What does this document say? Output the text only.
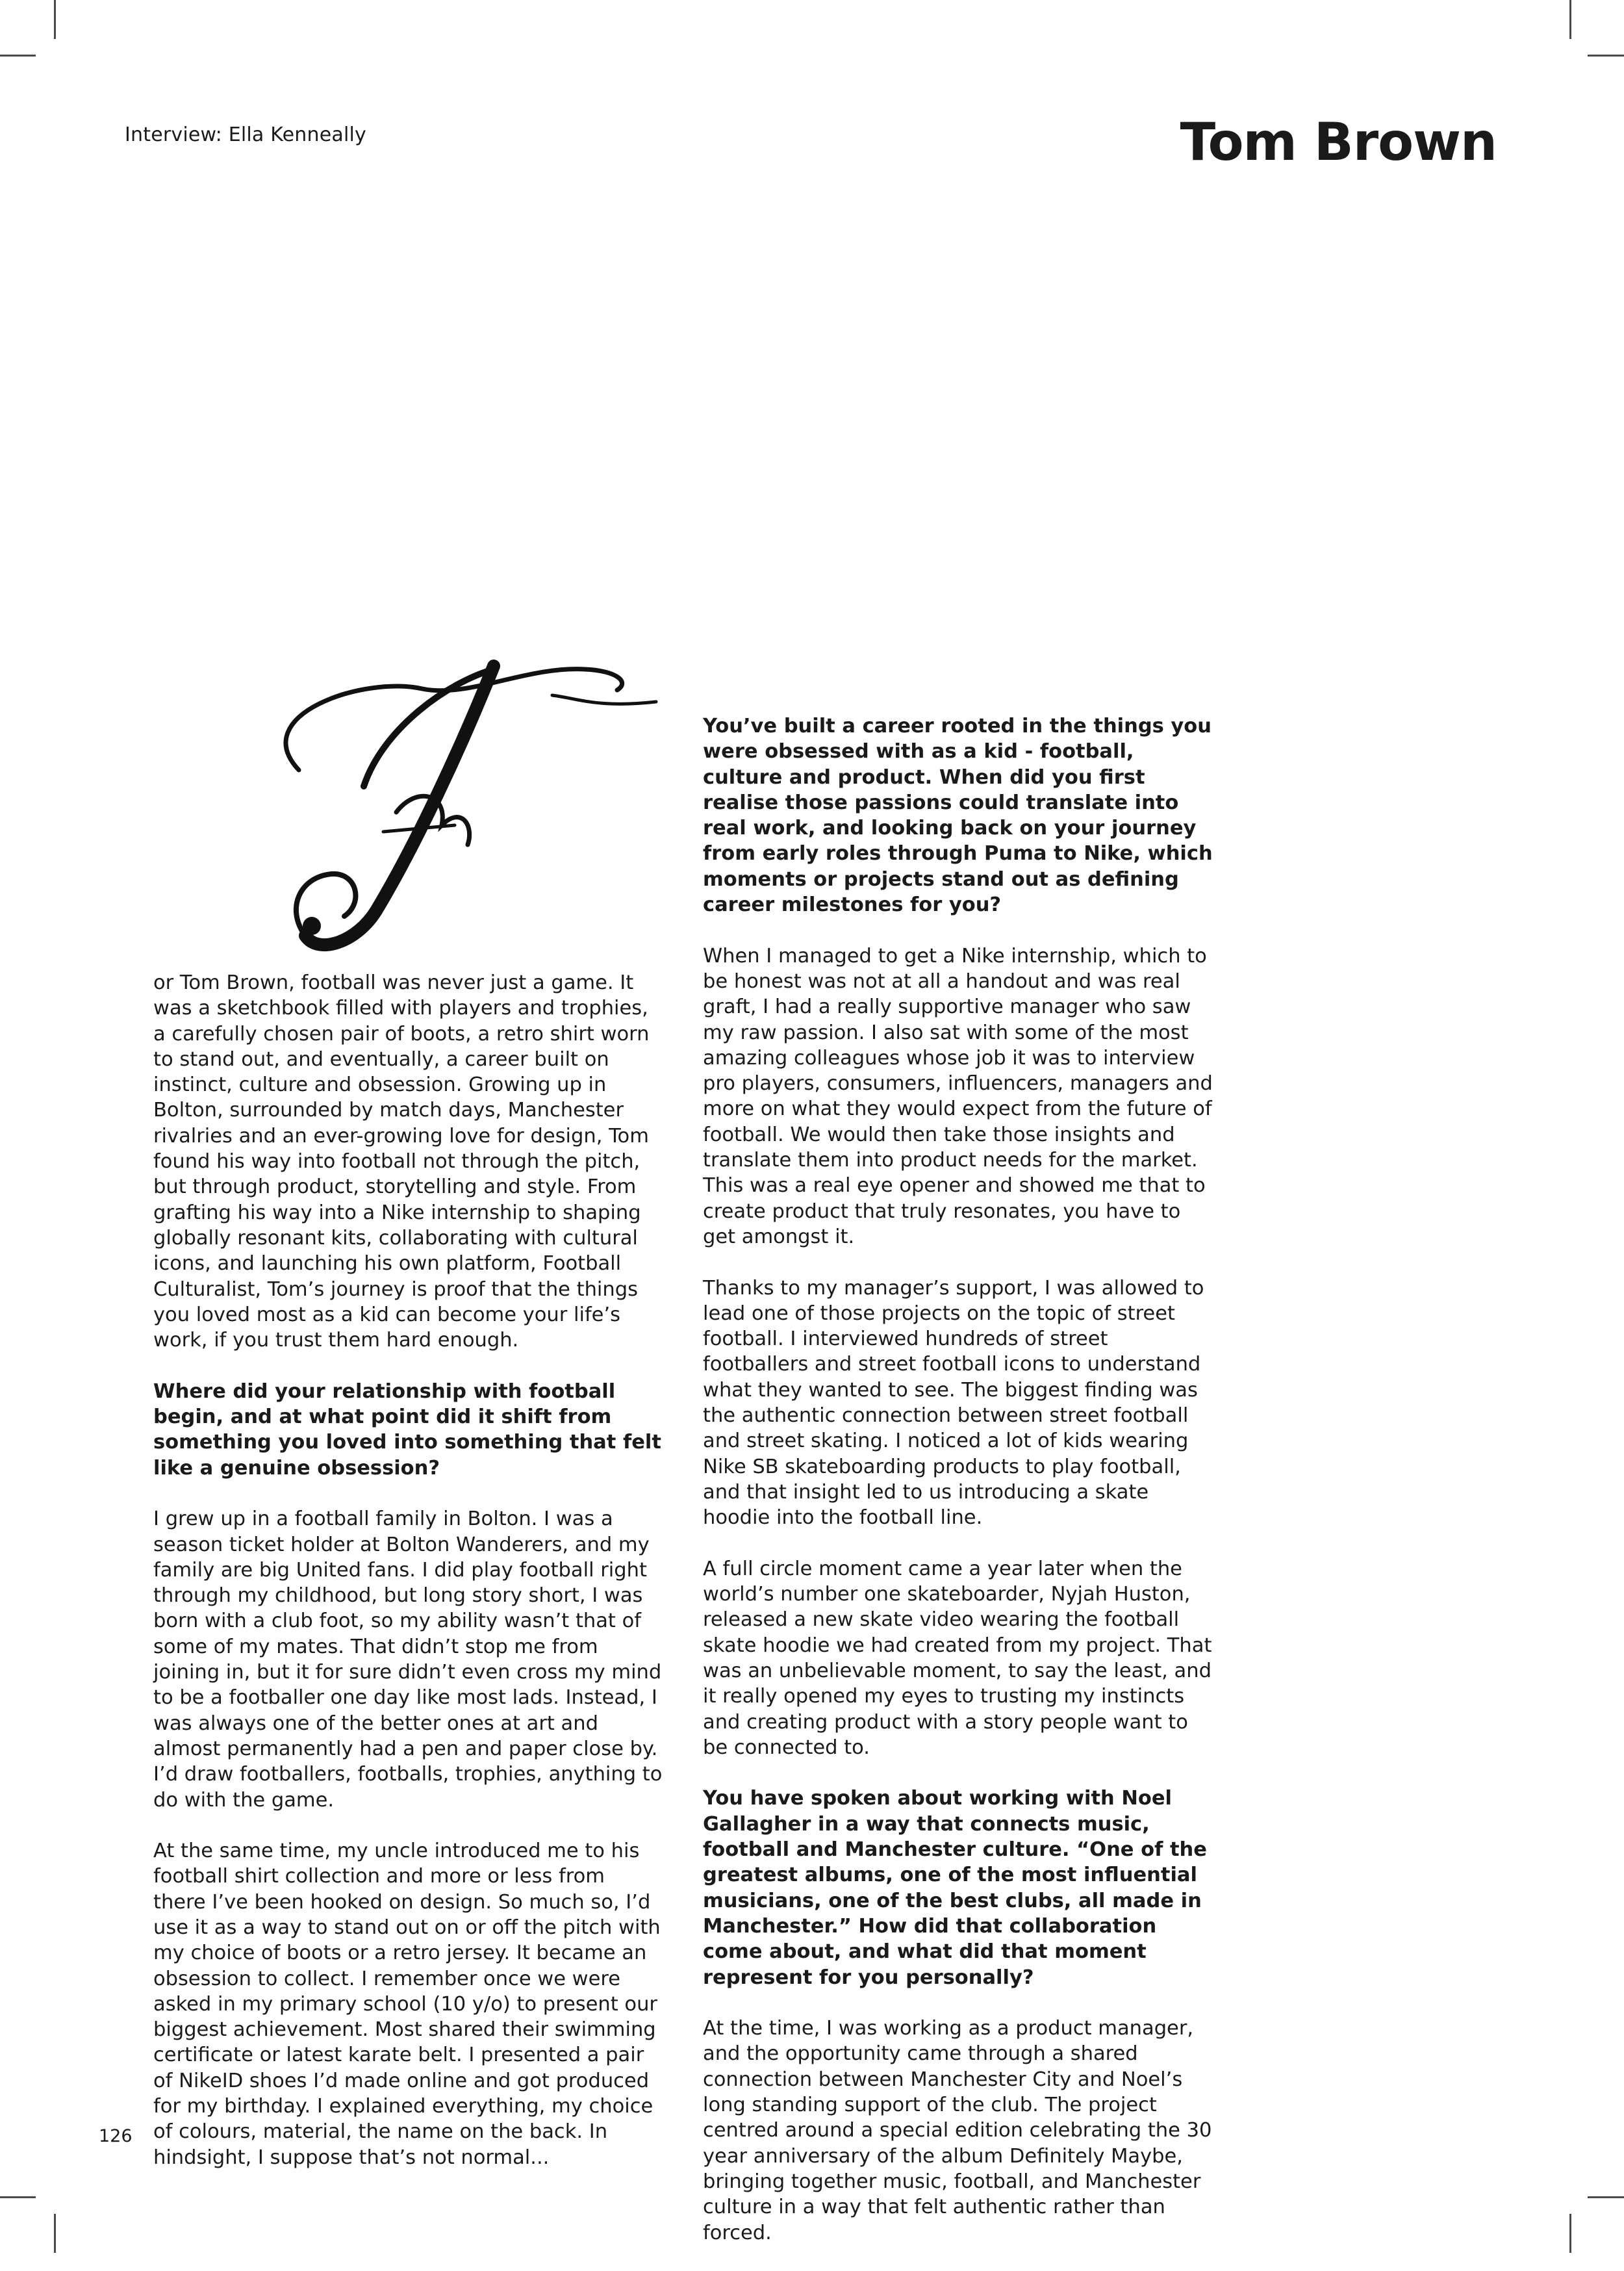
Interview: Ella Kenneally	Tom Brown

or Tom Brown, football was never just a game. It was a sketchbook filled with players and trophies, a carefully chosen pair of boots, a retro shirt worn to stand out, and eventually, a career built on instinct, culture and obsession. Growing up in Bolton, surrounded by match days, Manchester rivalries and an ever-growing love for design, Tom found his way into football not through the pitch, but through product, storytelling and style. From grafting his way into a Nike internship to shaping globally resonant kits, collaborating with cultural icons, and launching his own platform, Football Culturalist, Tom’s journey is proof that the things you loved most as a kid can become your life’s work, if you trust them hard enough.

Where did your relationship with football begin, and at what point did it shift from something you loved into something that felt like a genuine obsession?

I grew up in a football family in Bolton. I was a season ticket holder at Bolton Wanderers, and my family are big United fans. I did play football right through my childhood, but long story short, I was born with a club foot, so my ability wasn’t that of some of my mates. That didn’t stop me from joining in, but it for sure didn’t even cross my mind to be a footballer one day like most lads. Instead, I was always one of the better ones at art and almost permanently had a pen and paper close by. I’d draw footballers, footballs, trophies, anything to do with the game.

At the same time, my uncle introduced me to his football shirt collection and more or less from there I’ve been hooked on design. So much so, I’d use it as a way to stand out on or off the pitch with my choice of boots or a retro jersey. It became an obsession to collect. I remember once we were asked in my primary school (10 y/o) to present our biggest achievement. Most shared their swimming certificate or latest karate belt. I presented a pair of NikeID shoes I’d made online and got produced for my birthday. I explained everything, my choice of colours, material, the name on the back. In hindsight, I suppose that’s not normal...

You’ve built a career rooted in the things you were obsessed with as a kid - football, culture and product. When did you first realise those passions could translate into real work, and looking back on your journey from early roles through Puma to Nike, which moments or projects stand out as defining career milestones for you?

When I managed to get a Nike internship, which to be honest was not at all a handout and was real graft, I had a really supportive manager who saw my raw passion. I also sat with some of the most amazing colleagues whose job it was to interview pro players, consumers, influencers, managers and more on what they would expect from the future of football. We would then take those insights and translate them into product needs for the market. This was a real eye opener and showed me that to create product that truly resonates, you have to get amongst it.

Thanks to my manager’s support, I was allowed to lead one of those projects on the topic of street football. I interviewed hundreds of street footballers and street football icons to understand what they wanted to see. The biggest finding was the authentic connection between street football and street skating. I noticed a lot of kids wearing Nike SB skateboarding products to play football, and that insight led to us introducing a skate hoodie into the football line.

A full circle moment came a year later when the world’s number one skateboarder, Nyjah Huston, released a new skate video wearing the football skate hoodie we had created from my project. That was an unbelievable moment, to say the least, and it really opened my eyes to trusting my instincts and creating product with a story people want to be connected to.

You have spoken about working with Noel Gallagher in a way that connects music, football and Manchester culture. “One of the greatest albums, one of the most influential musicians, one of the best clubs, all made in Manchester.” How did that collaboration come about, and what did that moment represent for you personally?

At the time, I was working as a product manager, and the opportunity came through a shared connection between Manchester City and Noel’s long standing support of the club. The project centred around a special edition celebrating the 30 year anniversary of the album Definitely Maybe, bringing together music, football, and Manchester culture in a way that felt authentic rather than forced.

126
